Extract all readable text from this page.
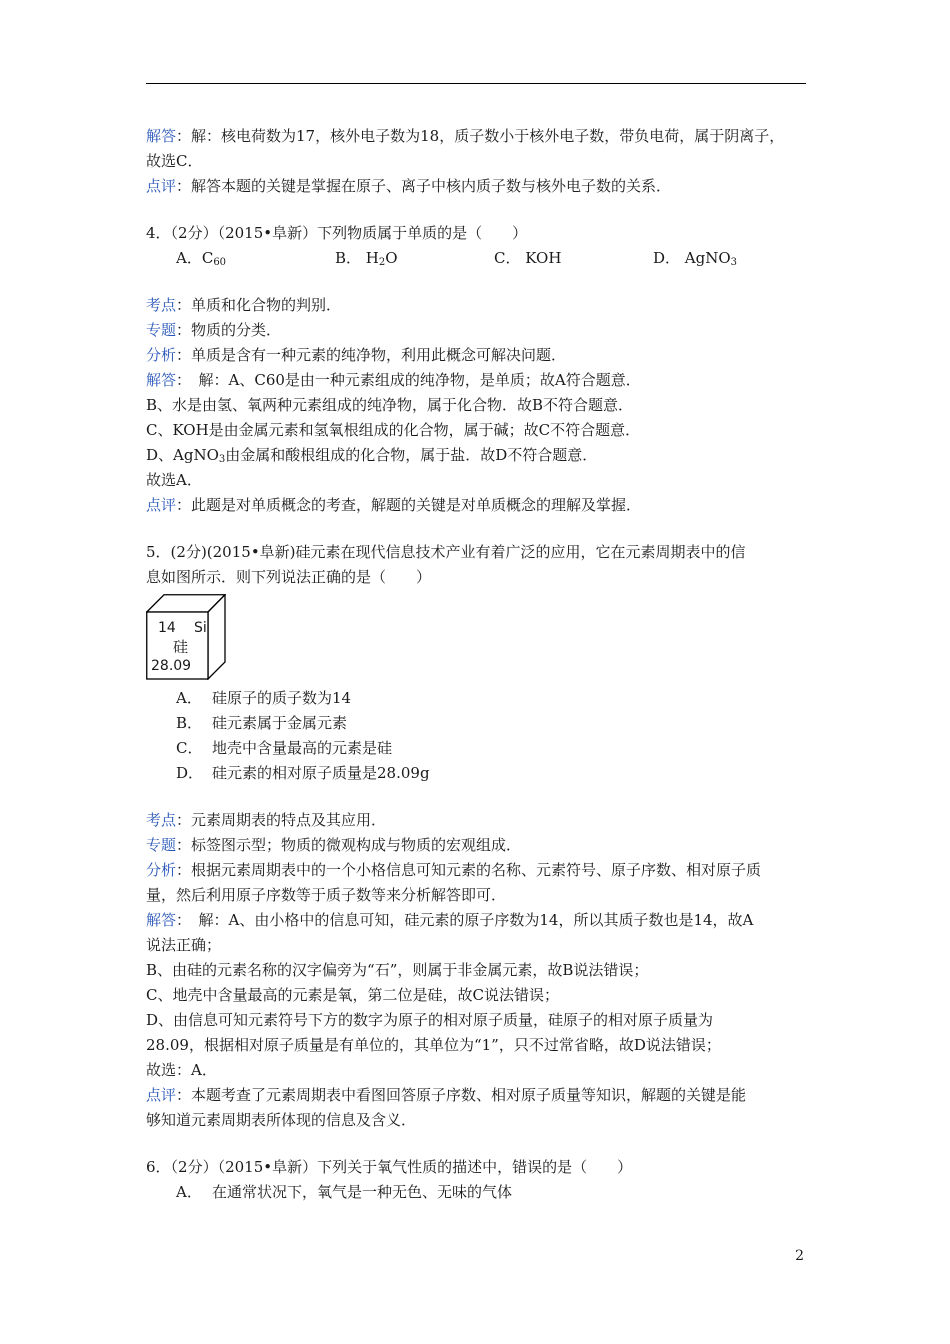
解答：解：核电荷数为17，核外电子数为18，质子数小于核外电子数，带负电荷，属于阴离子，
故选C．
点评：解答本题的关键是掌握在原子、离子中核内质子数与核外电子数的关系．
4．（2分）（2015•阜新）下列物质属于单质的是（　　）
A．$C_{60}$	B． $H_2O$	C． KOH	D． AgNO$_3$
考点：单质和化合物的判别．
专题：物质的分类．
分析：单质是含有一种元素的纯净物，利用此概念可解决问题．
解答：　解：A、C60是由一种元素组成的纯净物，是单质；故A符合题意．
B、水是由氢、氧两种元素组成的纯净物，属于化合物．故B不符合题意．
C、KOH是由金属元素和氢氧根组成的化合物，属于碱；故C不符合题意．
D、AgNO$_3$由金属和酸根组成的化合物，属于盐．故D不符合题意．
故选A．
点评：此题是对单质概念的考查，解题的关键是对单质概念的理解及掌握．
5．(2分)(2015•阜新)硅元素在现代信息技术产业有着广泛的应用，它在元素周期表中的信
息如图所示．则下列说法正确的是（　　）
14 Si
硅
28.09
A． 硅原子的质子数为14
B． 硅元素属于金属元素
C． 地壳中含量最高的元素是硅
D． 硅元素的相对原子质量是28.09g
考点：元素周期表的特点及其应用．
专题：标签图示型；物质的微观构成与物质的宏观组成．
分析：根据元素周期表中的一个小格信息可知元素的名称、元素符号、原子序数、相对原子质
量，然后利用原子序数等于质子数等来分析解答即可．
解答：　解：A、由小格中的信息可知，硅元素的原子序数为14，所以其质子数也是14，故A
说法正确；
B、由硅的元素名称的汉字偏旁为“石”，则属于非金属元素，故B说法错误；
C、地壳中含量最高的元素是氧，第二位是硅，故C说法错误；
D、由信息可知元素符号下方的数字为原子的相对原子质量，硅原子的相对原子质量为
28.09，根据相对原子质量是有单位的，其单位为“1”，只不过常省略，故D说法错误；
故选：A．
点评：本题考查了元素周期表中看图回答原子序数、相对原子质量等知识，解题的关键是能
够知道元素周期表所体现的信息及含义．
6．（2分）（2015•阜新）下列关于氧气性质的描述中，错误的是（　　）
A． 在通常状况下，氧气是一种无色、无味的气体
2
